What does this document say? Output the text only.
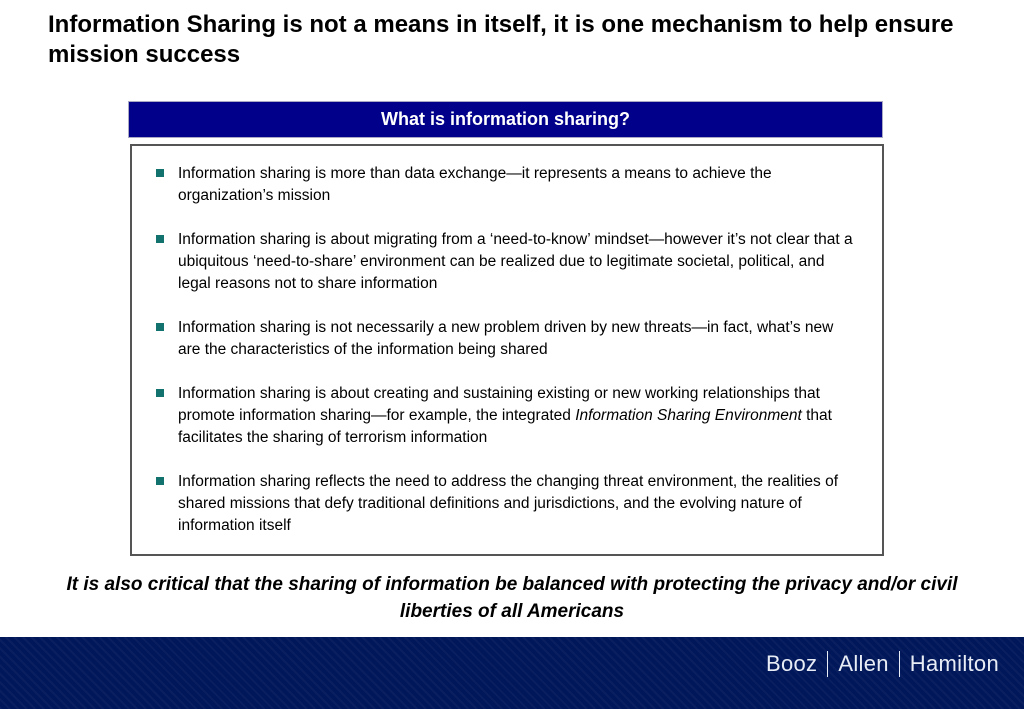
Information Sharing is not a means in itself, it is one mechanism to help ensure mission success
What is information sharing?
Information sharing is more than data exchange—it represents a means to achieve the organization’s mission
Information sharing is about migrating from a ‘need-to-know’ mindset—however it’s not clear that a ubiquitous ‘need-to-share’ environment can be realized due to legitimate societal, political, and legal reasons not to share information
Information sharing is not necessarily a new problem driven by new threats—in fact, what’s new are the characteristics of the information being shared
Information sharing is about creating and sustaining existing or new working relationships that promote information sharing—for example, the integrated Information Sharing Environment that facilitates the sharing of terrorism information
Information sharing reflects the need to address the changing threat environment, the realities of shared missions that defy traditional definitions and jurisdictions, and the evolving nature of information itself
It is also critical that the sharing of information be balanced with protecting the privacy and/or civil liberties of all Americans
Booz Allen Hamilton
